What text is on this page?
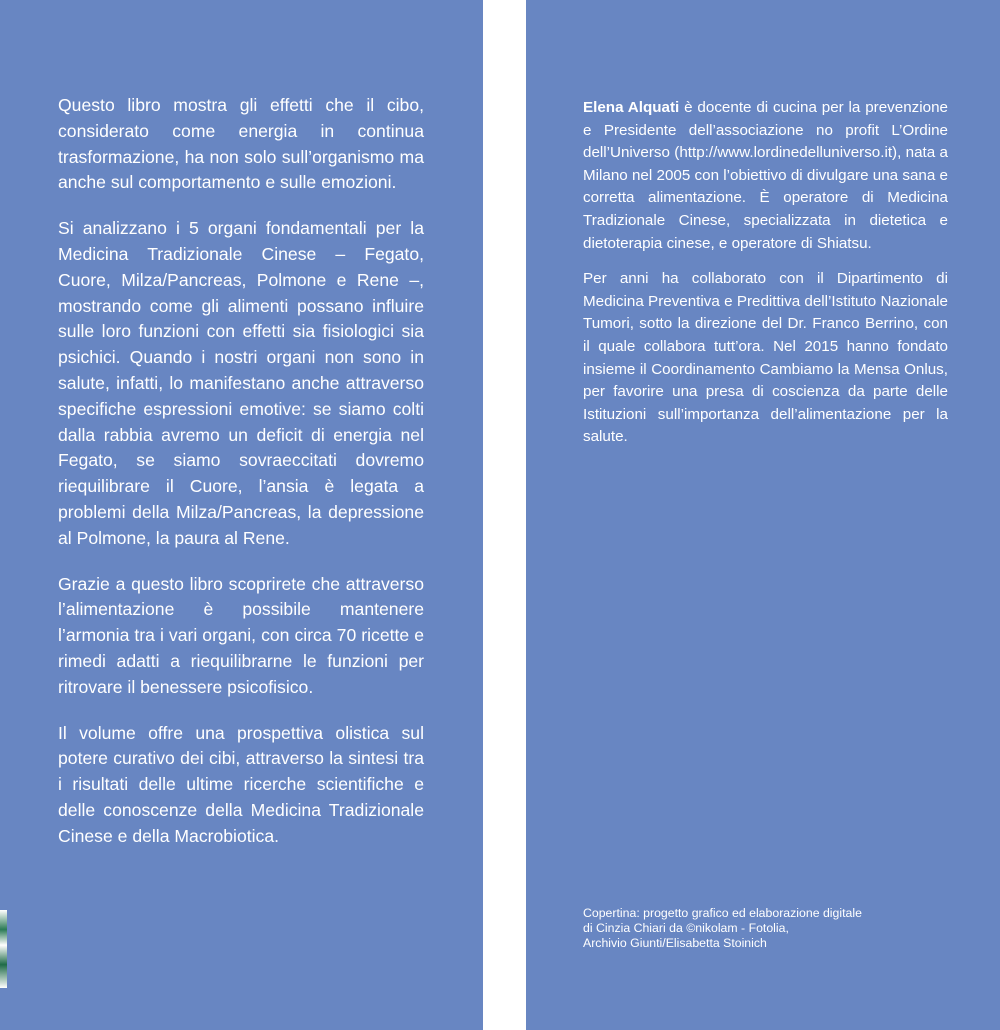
Questo libro mostra gli effetti che il cibo, considerato come energia in continua trasformazione, ha non solo sull’organismo ma anche sul comportamento e sulle emozioni.

Si analizzano i 5 organi fondamentali per la Medicina Tradizionale Cinese – Fegato, Cuore, Milza/Pancreas, Polmone e Rene –, mostrando come gli alimenti possano influire sulle loro funzioni con effetti sia fisiologici sia psichici. Quando i nostri organi non sono in salute, infatti, lo manifestano anche attraverso specifiche espressioni emotive: se siamo colti dalla rabbia avremo un deficit di energia nel Fegato, se siamo sovraeccitati dovremo riequilibrare il Cuore, l’ansia è legata a problemi della Milza/Pancreas, la depressione al Polmone, la paura al Rene.

Grazie a questo libro scoprirete che attraverso l’alimentazione è possibile mantenere l’armonia tra i vari organi, con circa 70 ricette e rimedi adatti a riequilibrarne le funzioni per ritrovare il benessere psicofisico.

Il volume offre una prospettiva olistica sul potere curativo dei cibi, attraverso la sintesi tra i risultati delle ultime ricerche scientifiche e delle conoscenze della Medicina Tradizionale Cinese e della Macrobiotica.

Elena Alquati è docente di cucina per la prevenzione e Presidente dell’associazione no profit L’Ordine dell’Universo (http://www.lordinedelluniverso.it), nata a Milano nel 2005 con l’obiettivo di divulgare una sana e corretta alimentazione. È operatore di Medicina Tradizionale Cinese, specializzata in dietetica e dietoterapia cinese, e operatore di Shiatsu.

Per anni ha collaborato con il Dipartimento di Medicina Preventiva e Predittiva dell’Istituto Nazionale Tumori, sotto la direzione del Dr. Franco Berrino, con il quale collabora tutt’ora. Nel 2015 hanno fondato insieme il Coordinamento Cambiamo la Mensa Onlus, per favorire una presa di coscienza da parte delle Istituzioni sull’importanza dell’alimentazione per la salute.

Copertina: progetto grafico ed elaborazione digitale
di Cinzia Chiari da ©nikolam - Fotolia,
Archivio Giunti/Elisabetta Stoinich
